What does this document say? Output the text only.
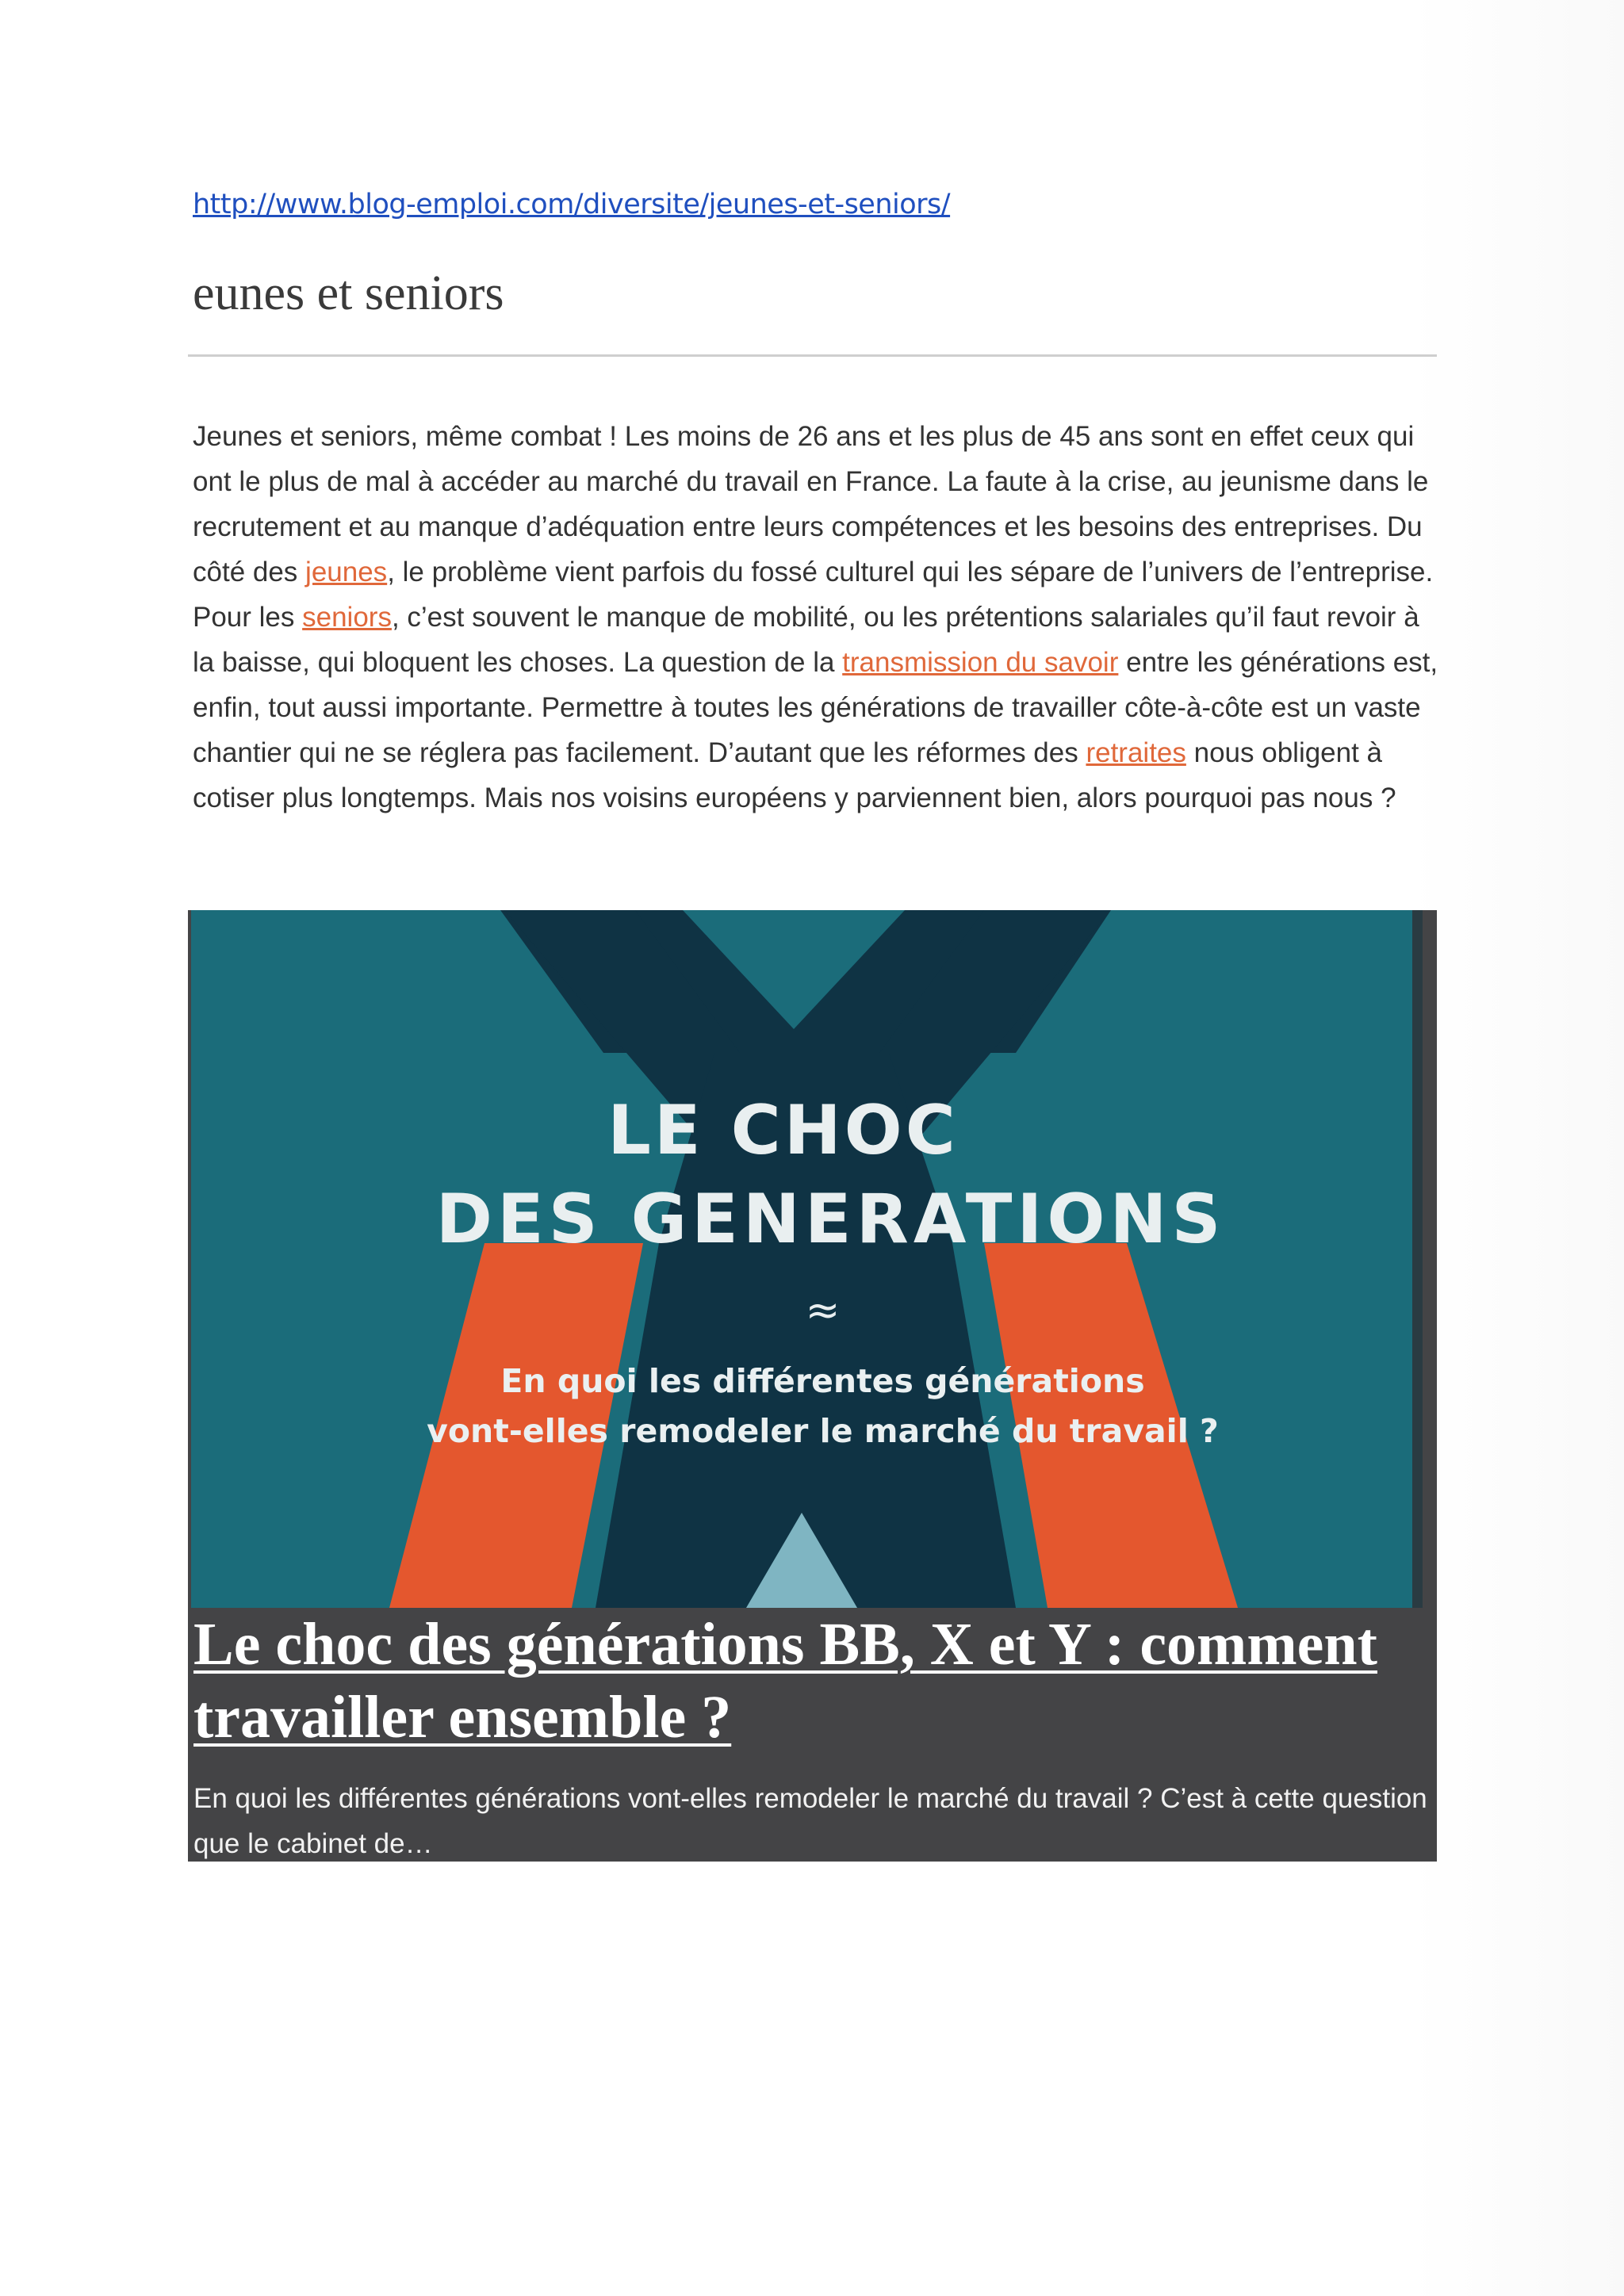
http://www.blog-emploi.com/diversite/jeunes-et-seniors/
eunes et seniors

Jeunes et seniors, même combat ! Les moins de 26 ans et les plus de 45 ans sont en effet ceux qui ont le plus de mal à accéder au marché du travail en France. La faute à la crise, au jeunisme dans le recrutement et au manque d’adéquation entre leurs compétences et les besoins des entreprises. Du côté des jeunes, le problème vient parfois du fossé culturel qui les sépare de l’univers de l’entreprise. Pour les seniors, c’est souvent le manque de mobilité, ou les prétentions salariales qu’il faut revoir à la baisse, qui bloquent les choses. La question de la transmission du savoir entre les générations est, enfin, tout aussi importante. Permettre à toutes les générations de travailler côte-à-côte est un vaste chantier qui ne se réglera pas facilement. D’autant que les réformes des retraites nous obligent à cotiser plus longtemps. Mais nos voisins européens y parviennent bien, alors pourquoi pas nous ?

LE CHOC
DES GENERATIONS
≈
En quoi les différentes générations
vont-elles remodeler le marché du travail ?
Le choc des générations BB, X et Y : comment travailler ensemble ?

En quoi les différentes générations vont-elles remodeler le marché du travail ? C’est à cette question que le cabinet de…
